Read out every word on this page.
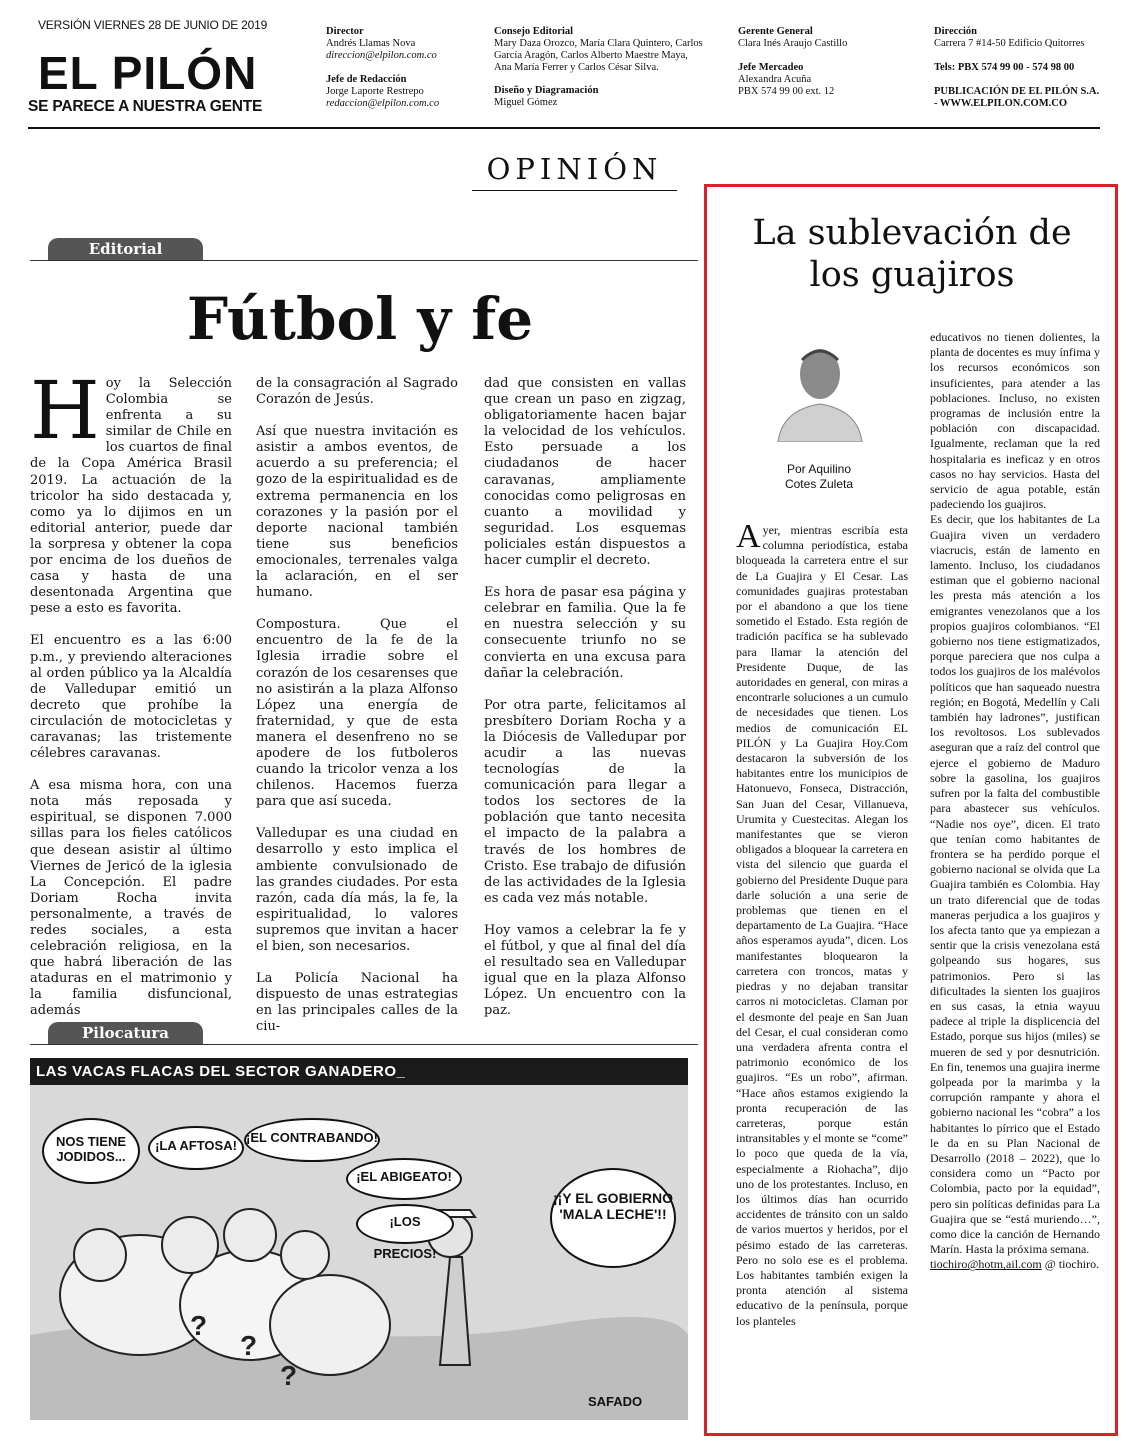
VERSIÓN VIERNES 28 DE JUNIO DE 2019
EL PILÓN
SE PARECE A NUESTRA GENTE
Director
Andrés Llamas Nova
direccion@elpilon.com.co
Jefe de Redacción
Jorge Laporte Restrepo
redaccion@elpilon.com.co
Consejo Editorial
Mary Daza Orozco, María Clara Quintero, Carlos García Aragón, Carlos Alberto Maestre Maya, Ana María Ferrer y Carlos César Silva.
Diseño y Diagramación
Miguel Gómez
Gerente General
Clara Inés Araujo Castillo
Jefe Mercadeo
Alexandra Acuña
PBX 574 99 00 ext. 12
Dirección
Carrera 7 #14-50 Edificio Quitorres
Tels: PBX 574 99 00 - 574 98 00
PUBLICACIÓN DE EL PILÓN S.A. - WWW.ELPILON.COM.CO
OPINIÓN
Editorial
Fútbol y fe

Hoy la Selección Colombia se enfrenta a su similar de Chile en los cuartos de final de la Copa América Brasil 2019. La actuación de la tricolor ha sido destacada y, como ya lo dijimos en un editorial anterior, puede dar la sorpresa y obtener la copa por encima de los dueños de casa y hasta de una desentonada Argentina que pese a esto es favorita.

El encuentro es a las 6:00 p.m., y previendo alteraciones al orden público ya la Alcaldía de Valledupar emitió un decreto que prohíbe la circulación de motocicletas y caravanas; las tristemente célebres caravanas.

A esa misma hora, con una nota más reposada y espiritual, se disponen 7.000 sillas para los fieles católicos que desean asistir al último Viernes de Jericó de la iglesia La Concepción. El padre Doriam Rocha invita personalmente, a través de redes sociales, a esta celebración religiosa, en la que habrá liberación de las ataduras en el matrimonio y la familia disfuncional, además

de la consagración al Sagrado Corazón de Jesús.

Así que nuestra invitación es asistir a ambos eventos, de acuerdo a su preferencia; el gozo de la espiritualidad es de extrema permanencia en los corazones y la pasión por el deporte nacional también tiene sus beneficios emocionales, terrenales valga la aclaración, en el ser humano.

Compostura. Que el encuentro de la fe de la Iglesia irradie sobre el corazón de los cesarenses que no asistirán a la plaza Alfonso López una energía de fraternidad, y que de esta manera el desenfreno no se apodere de los futboleros cuando la tricolor venza a los chilenos. Hacemos fuerza para que así suceda.

Valledupar es una ciudad en desarrollo y esto implica el ambiente convulsionado de las grandes ciudades. Por esta razón, cada día más, la fe, la espiritualidad, lo valores supremos que invitan a hacer el bien, son necesarios.

La Policía Nacional ha dispuesto de unas estrategias en las principales calles de la ciu-

dad que consisten en vallas que crean un paso en zigzag, obligatoriamente hacen bajar la velocidad de los vehículos. Esto persuade a los ciudadanos de hacer caravanas, ampliamente conocidas como peligrosas en cuanto a movilidad y seguridad. Los esquemas policiales están dispuestos a hacer cumplir el decreto.

Es hora de pasar esa página y celebrar en familia. Que la fe en nuestra selección y su consecuente triunfo no se convierta en una excusa para dañar la celebración.

Por otra parte, felicitamos al presbítero Doriam Rocha y a la Diócesis de Valledupar por acudir a las nuevas tecnologías de la comunicación para llegar a todos los sectores de la población que tanto necesita el impacto de la palabra a través de los hombres de Cristo. Ese trabajo de difusión de las actividades de la Iglesia es cada vez más notable.

Hoy vamos a celebrar la fe y el fútbol, y que al final del día el resultado sea en Valledupar igual que en la plaza Alfonso López. Un encuentro con la paz.

Pilocatura
LAS VACAS FLACAS DEL SECTOR GANADERO_
?
?
?
NOS TIENE JODIDOS...
¡LA AFTOSA!
¡EL CONTRABANDO!
¡EL ABIGEATO!
¡LOS PRECIOS!
¡¡Y EL GOBIERNO 'MALA LECHE'!!
SAFADO
La sublevación de los guajiros
Por Aquilino
Cotes Zuleta

Ayer, mientras escribía esta columna periodística, estaba bloqueada la carretera entre el sur de La Guajira y El Cesar. Las comunidades guajiras protestaban por el abandono a que los tiene sometido el Estado. Esta región de tradición pacífica se ha sublevado para llamar la atención del Presidente Duque, de las autoridades en general, con miras a encontrarle soluciones a un cumulo de necesidades que tienen. Los medios de comunicación EL PILÓN y La Guajira Hoy.Com destacaron la subversión de los habitantes entre los municipios de Hatonuevo, Fonseca, Distracción, San Juan del Cesar, Villanueva, Urumita y Cuestecitas. Alegan los manifestantes que se vieron obligados a bloquear la carretera en vista del silencio que guarda el gobierno del Presidente Duque para darle solución a una serie de problemas que tienen en el departamento de La Guajira. “Hace años esperamos ayuda”, dicen. Los manifestantes bloquearon la carretera con troncos, matas y piedras y no dejaban transitar carros ni motocicletas. Claman por el desmonte del peaje en San Juan del Cesar, el cual consideran como una verdadera afrenta contra el patrimonio económico de los guajiros. “Es un robo”, afirman. “Hace años estamos exigiendo la pronta recuperación de las carreteras, porque están intransitables y el monte se “come” lo poco que queda de la vía, especialmente a Riohacha”, dijo uno de los protestantes. Incluso, en los últimos días han ocurrido accidentes de tránsito con un saldo de varios muertos y heridos, por el pésimo estado de las carreteras. Pero no solo ese es el problema. Los habitantes también exigen la pronta atención al sistema educativo de la península, porque los planteles

educativos no tienen dolientes, la planta de docentes es muy ínfima y los recursos económicos son insuficientes, para atender a las poblaciones. Incluso, no existen programas de inclusión entre la población con discapacidad. Igualmente, reclaman que la red hospitalaria es ineficaz y en otros casos no hay servicios. Hasta del servicio de agua potable, están padeciendo los guajiros.

Es decir, que los habitantes de La Guajira viven un verdadero viacrucis, están de lamento en lamento. Incluso, los ciudadanos estiman que el gobierno nacional les presta más atención a los emigrantes venezolanos que a los propios guajiros colombianos. “El gobierno nos tiene estigmatizados, porque pareciera que nos culpa a todos los guajiros de los malévolos políticos que han saqueado nuestra región; en Bogotá, Medellín y Cali también hay ladrones”, justifican los revoltosos. Los sublevados aseguran que a raíz del control que ejerce el gobierno de Maduro sobre la gasolina, los guajiros sufren por la falta del combustible para abastecer sus vehículos. “Nadie nos oye”, dicen. El trato que tenían como habitantes de frontera se ha perdido porque el gobierno nacional se olvida que La Guajira también es Colombia. Hay un trato diferencial que de todas maneras perjudica a los guajiros y los afecta tanto que ya empiezan a sentir que la crisis venezolana está golpeando sus hogares, sus patrimonios. Pero si las dificultades la sienten los guajiros en sus casas, la etnia wayuu padece al triple la displicencia del Estado, porque sus hijos (miles) se mueren de sed y por desnutrición. En fin, tenemos una guajira inerme golpeada por la marimba y la corrupción rampante y ahora el gobierno nacional les “cobra” a los habitantes lo pírrico que el Estado le da en su Plan Nacional de Desarrollo (2018 – 2022), que lo considera como un “Pacto por Colombia, pacto por la equidad”, pero sin políticas definidas para La Guajira que se “está muriendo…”, como dice la canción de Hernando Marín. Hasta la próxima semana.

tiochiro@hotm,ail.com @ tiochiro.
